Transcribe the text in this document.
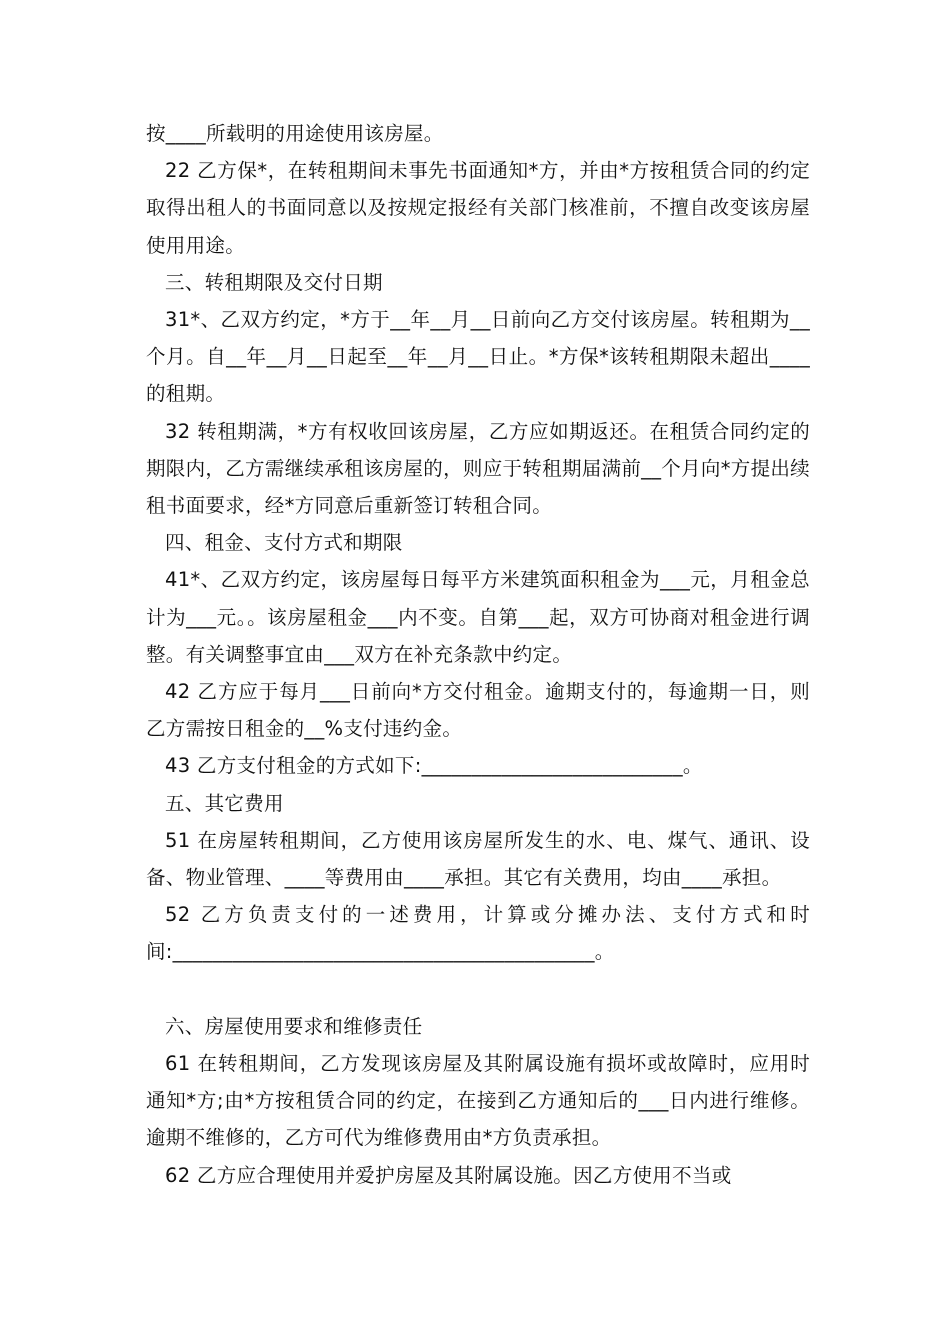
按____所载明的用途使用该房屋。

22 乙方保*，在转租期间未事先书面通知*方，并由*方按租赁合同的约定取得出租人的书面同意以及按规定报经有关部门核准前，不擅自改变该房屋使用用途。

三、转租期限及交付日期

31*、乙双方约定，*方于__年__月__日前向乙方交付该房屋。转租期为__个月。自__年__月__日起至__年__月__日止。*方保*该转租期限未超出____的租期。

32 转租期满，*方有权收回该房屋，乙方应如期返还。在租赁合同约定的期限内，乙方需继续承租该房屋的，则应于转租期届满前__个月向*方提出续租书面要求，经*方同意后重新签订转租合同。

四、租金、支付方式和期限

41*、乙双方约定，该房屋每日每平方米建筑面积租金为___元，月租金总计为___元。。该房屋租金___内不变。自第___起，双方可协商对租金进行调整。有关调整事宜由___双方在补充条款中约定。

42 乙方应于每月___日前向*方交付租金。逾期支付的，每逾期一日，则乙方需按日租金的__%支付违约金。

43 乙方支付租金的方式如下:__________________________。

五、其它费用

51 在房屋转租期间，乙方使用该房屋所发生的水、电、煤气、通讯、设备、物业管理、____等费用由____承担。其它有关费用，均由____承担。

52 乙方负责支付的一述费用，计算或分摊办法、支付方式和时间:__________________________________________。

六、房屋使用要求和维修责任

61 在转租期间，乙方发现该房屋及其附属设施有损坏或故障时，应用时通知*方;由*方按租赁合同的约定，在接到乙方通知后的___日内进行维修。逾期不维修的，乙方可代为维修费用由*方负责承担。

62 乙方应合理使用并爱护房屋及其附属设施。因乙方使用不当或
